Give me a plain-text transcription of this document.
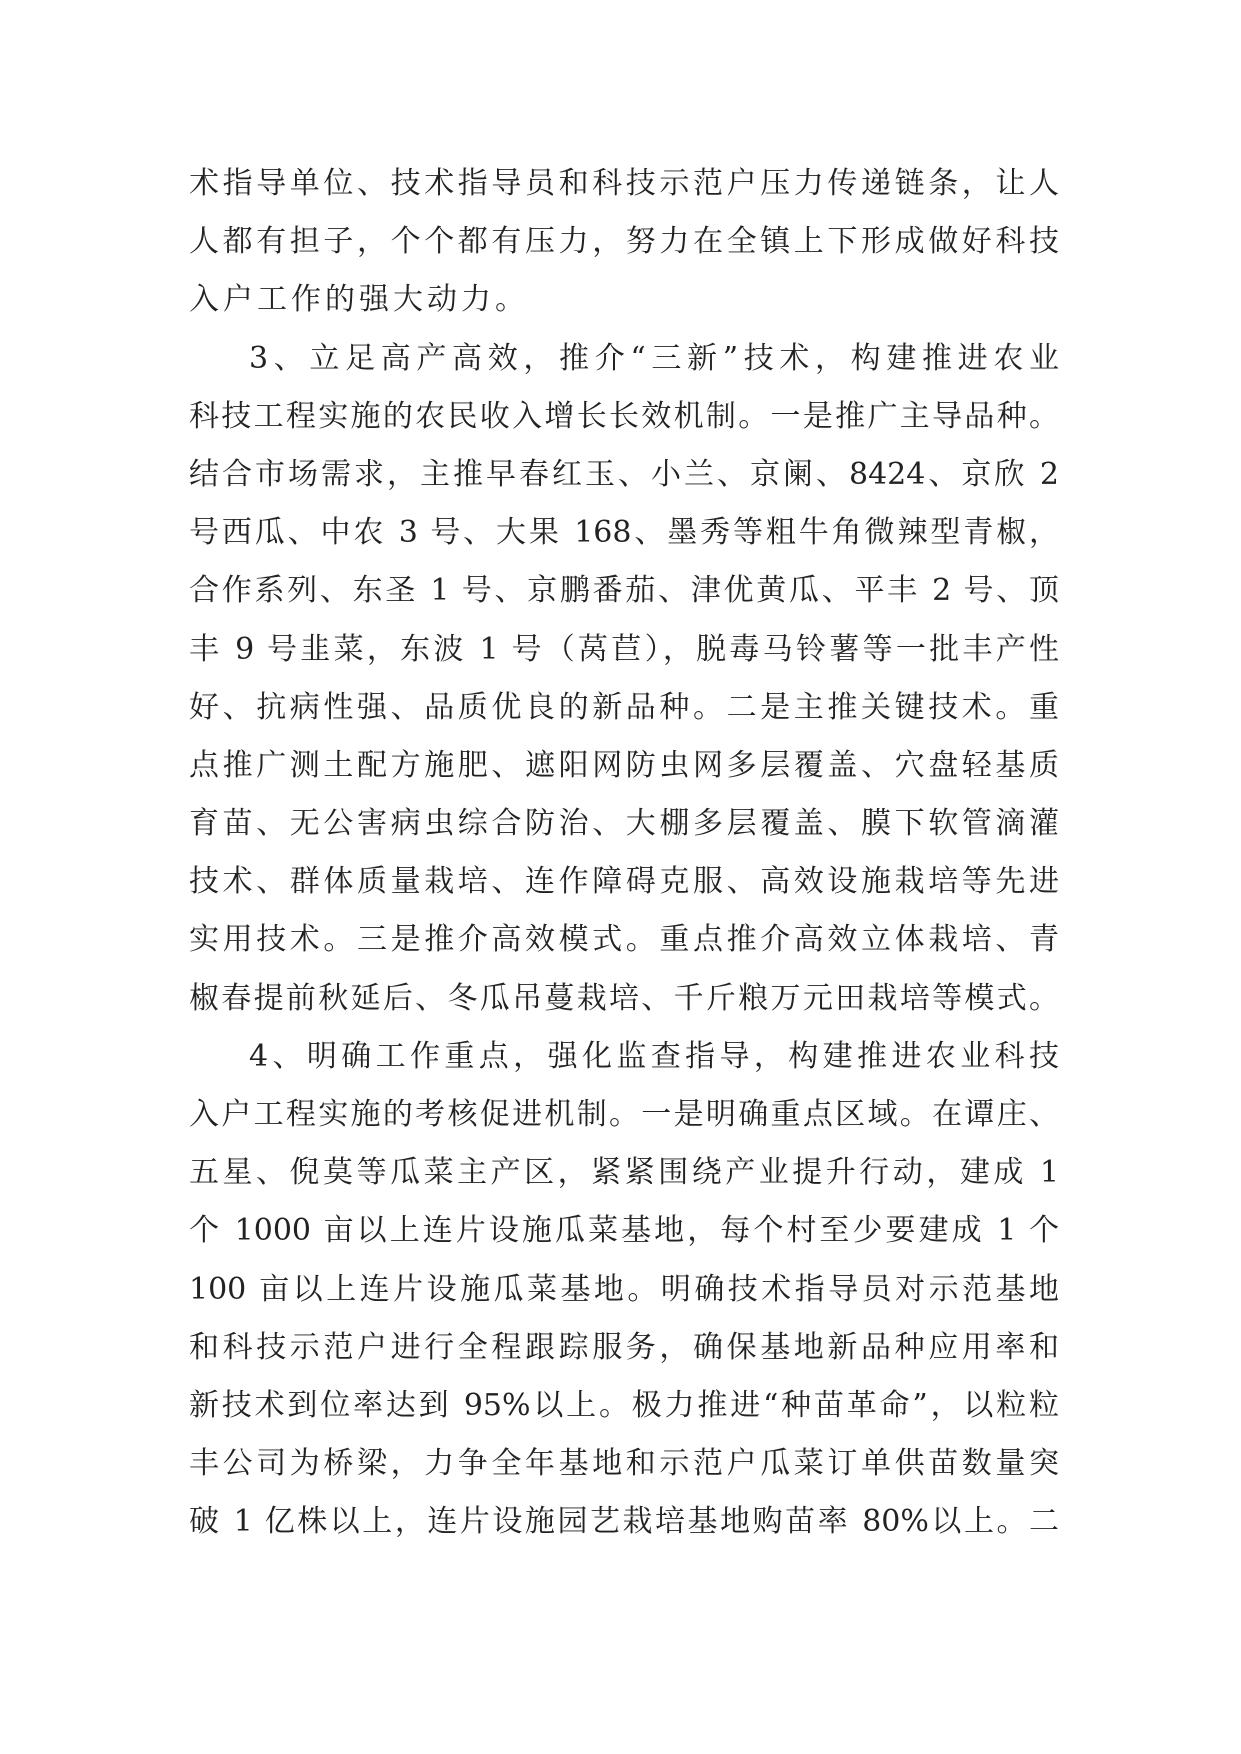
术指导单位、技术指导员和科技示范户压力传递链条，让人
人都有担子，个个都有压力，努力在全镇上下形成做好科技
入户工作的强大动力。
3、立足高产高效，推介“三新”技术，构建推进农业
科技工程实施的农民收入增长长效机制。一是推广主导品种。
结合市场需求，主推早春红玉、小兰、京阑、8424、京欣 2
号西瓜、中农 3 号、大果 168、墨秀等粗牛角微辣型青椒，
合作系列、东圣 1 号、京鹏番茄、津优黄瓜、平丰 2 号、顶
丰 9 号韭菜，东波 1 号（莴苣），脱毒马铃薯等一批丰产性
好、抗病性强、品质优良的新品种。二是主推关键技术。重
点推广测土配方施肥、遮阳网防虫网多层覆盖、穴盘轻基质
育苗、无公害病虫综合防治、大棚多层覆盖、膜下软管滴灌
技术、群体质量栽培、连作障碍克服、高效设施栽培等先进
实用技术。三是推介高效模式。重点推介高效立体栽培、青
椒春提前秋延后、冬瓜吊蔓栽培、千斤粮万元田栽培等模式。
4、明确工作重点，强化监查指导，构建推进农业科技
入户工程实施的考核促进机制。一是明确重点区域。在谭庄、
五星、倪莫等瓜菜主产区，紧紧围绕产业提升行动，建成 1
个 1000 亩以上连片设施瓜菜基地，每个村至少要建成 1 个
100 亩以上连片设施瓜菜基地。明确技术指导员对示范基地
和科技示范户进行全程跟踪服务，确保基地新品种应用率和
新技术到位率达到 95%以上。极力推进“种苗革命”，以粒粒
丰公司为桥梁，力争全年基地和示范户瓜菜订单供苗数量突
破 1 亿株以上，连片设施园艺栽培基地购苗率 80%以上。二
